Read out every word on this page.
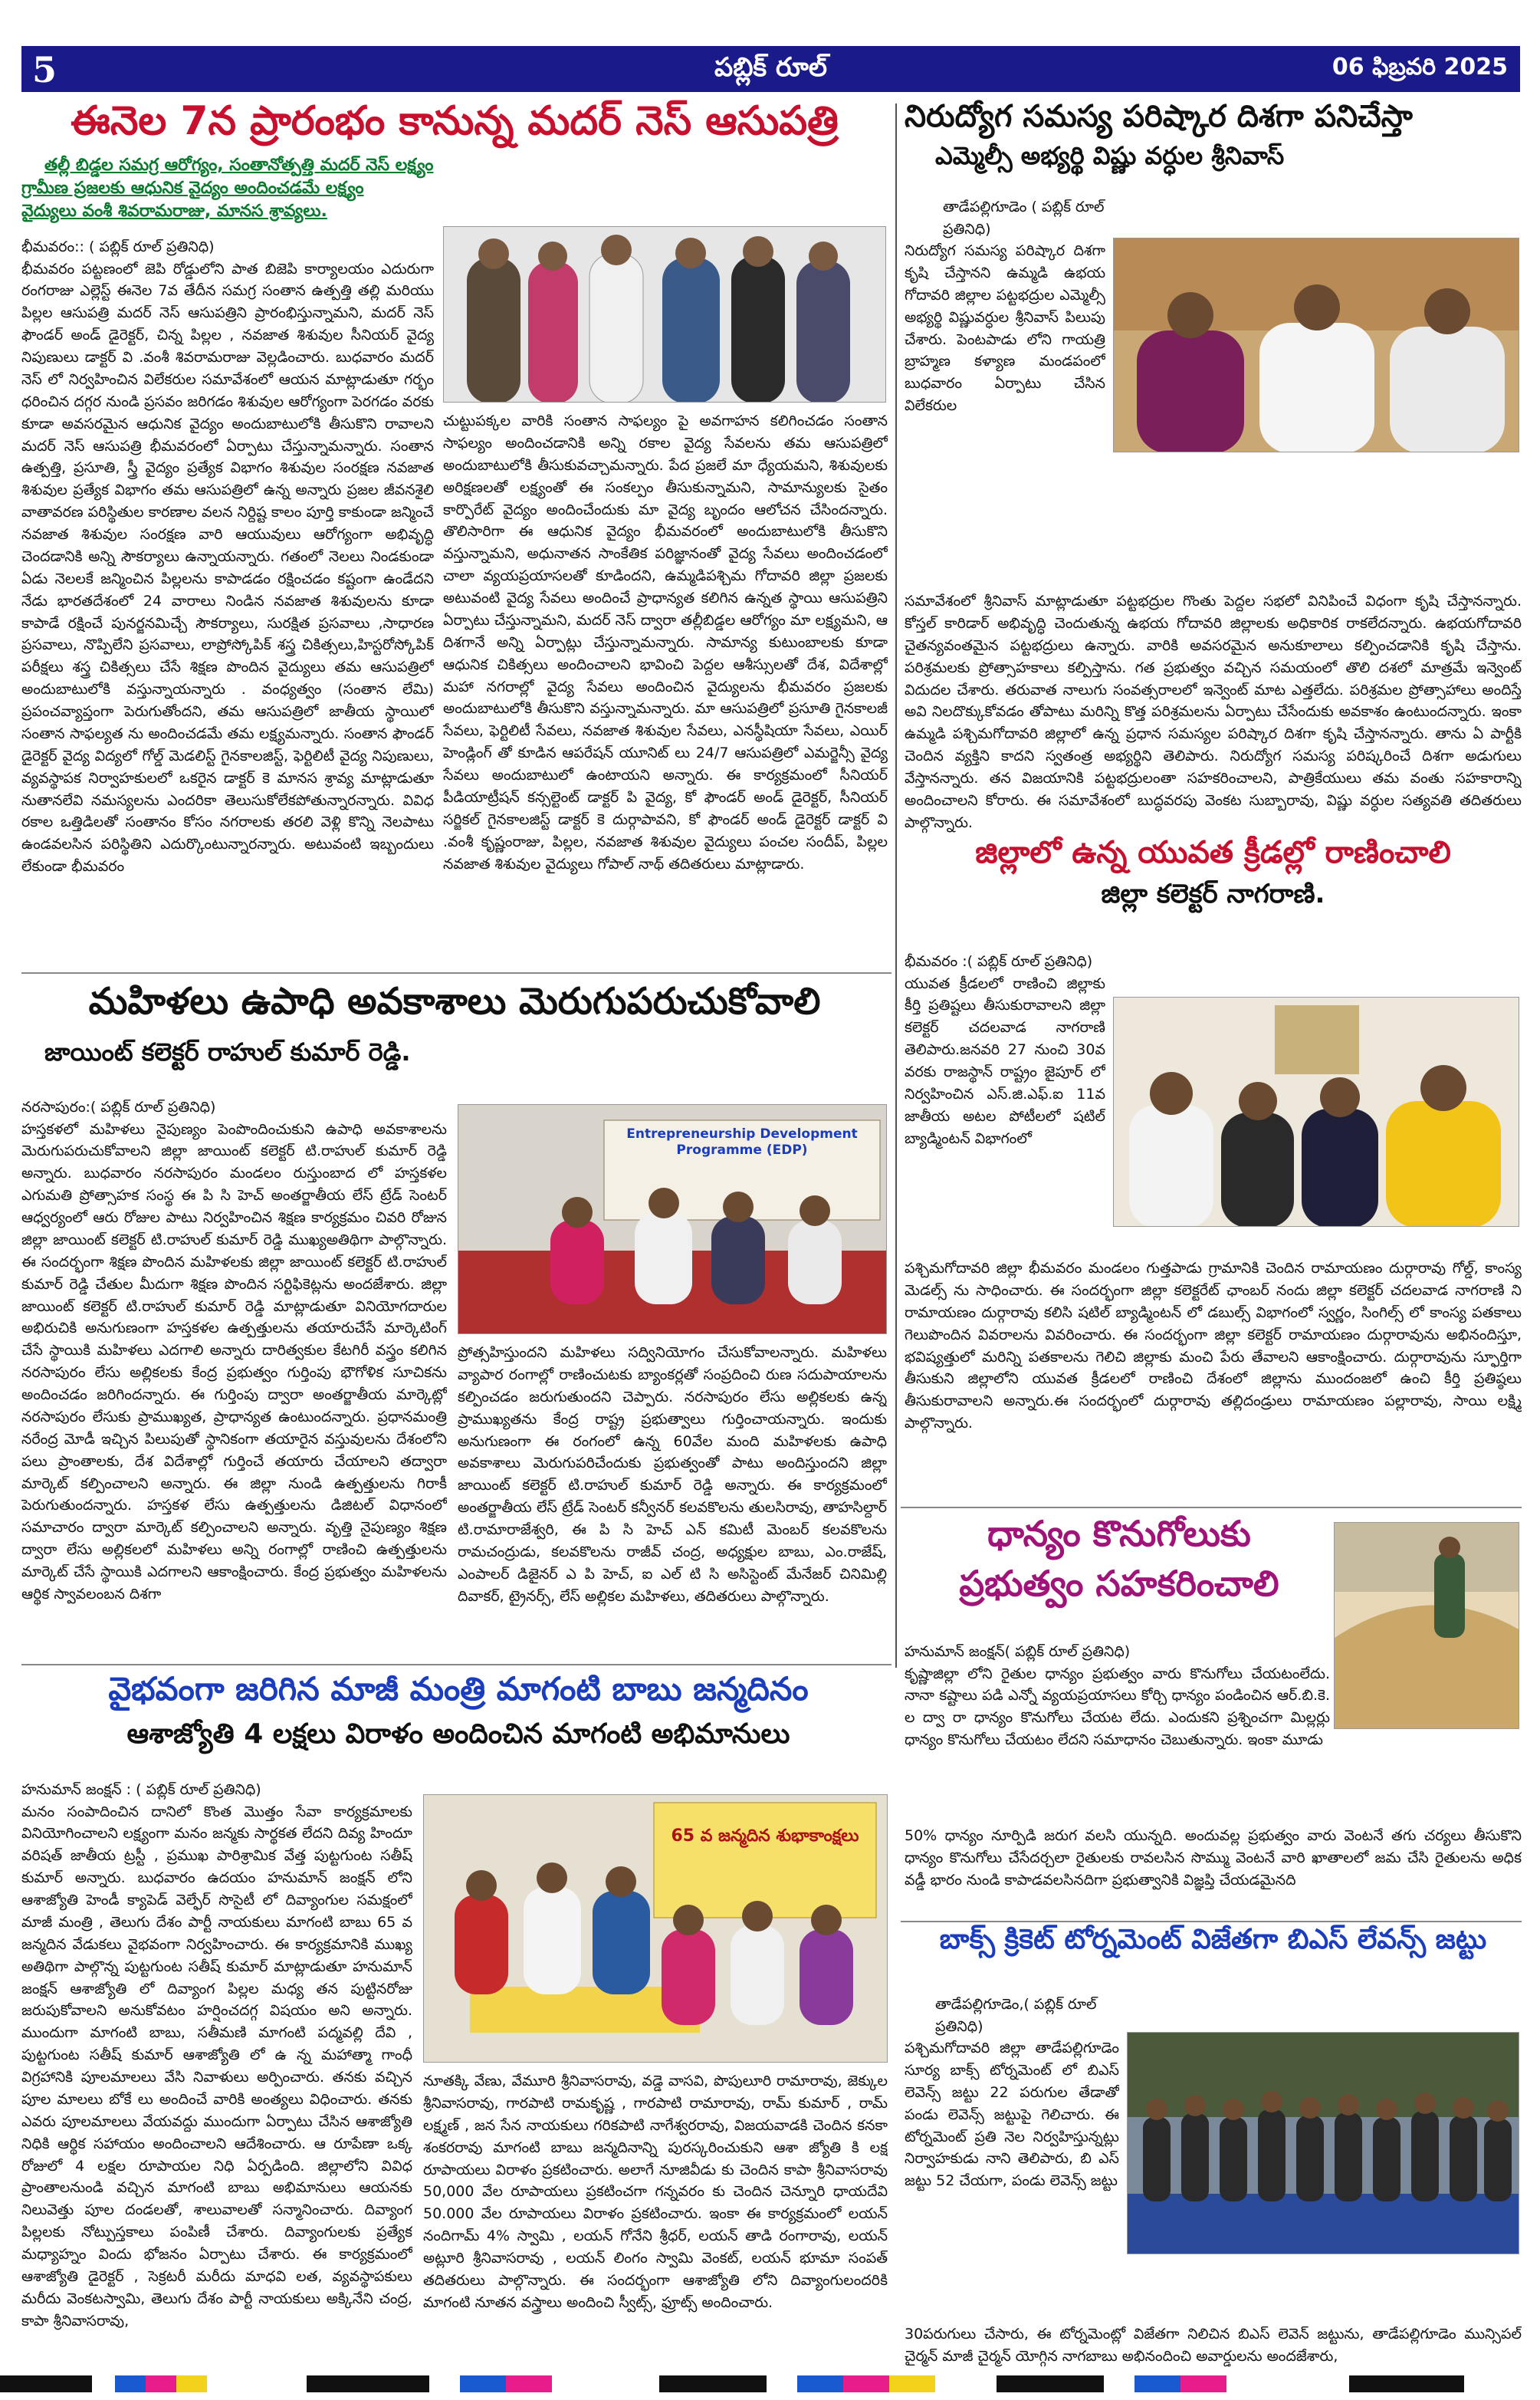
5	పబ్లిక్ రూల్	06 ఫిబ్రవరి 2025
ఈనెల 7న ప్రారంభం కానున్న మదర్ నెస్ ఆసుపత్రి
తల్లీ బిడ్డల సమగ్ర ఆరోగ్యం, సంతానోత్పత్తి మదర్ నెస్ లక్ష్యం
గ్రామీణ ప్రజలకు ఆధునిక వైద్యం అందించడమే లక్ష్యం
వైద్యులు వంశీ శివరామరాజు, మానస శ్రావ్యలు.
భీమవరం:: ( పబ్లిక్ రూల్ ప్రతినిధి)
భీమవరం పట్టణంలో జెపి రోడ్డులోని పాత బిజెపి కార్యాలయం ఎదురుగా రంగరాజు ఎల్లెస్ట్ ఈనెల 7వ తేదీన సమగ్ర సంతాన ఉత్పత్తి తల్లి మరియు పిల్లల ఆసుపత్రి మదర్ నెస్ ఆసుపత్రిని ప్రారంభిస్తున్నామని, మదర్ నెస్ ఫౌండర్ అండ్ డైరెక్టర్, చిన్న పిల్లల , నవజాత శిశువుల సీనియర్ వైద్య నిపుణులు డాక్టర్ వి .వంశీ శివరామరాజు వెల్లడించారు. బుధవారం మదర్ నెస్ లో నిర్వహించిన విలేకరుల సమావేశంలో ఆయన మాట్లాడుతూ గర్భం ధరించిన దగ్గర నుండి ప్రసవం జరిగడం శిశువుల ఆరోగ్యంగా పెరగడం వరకు కూడా అవసరమైన ఆధునిక వైద్యం అందుబాటులోకి తీసుకొని రావాలని మదర్ నెస్ ఆసుపత్రి భీమవరంలో ఏర్పాటు చేస్తున్నామన్నారు. సంతాన ఉత్పత్తి, ప్రసూతి, స్త్రీ వైద్యం ప్రత్యేక విభాగం శిశువుల సంరక్షణ నవజాత శిశువుల ప్రత్యేక విభాగం తమ ఆసుపత్రిలో ఉన్న అన్నారు ప్రజల జీవనశైలి వాతావరణ పరిస్థితుల కారణాల వలన నిర్దిష్ట కాలం పూర్తి కాకుండా జన్మించే నవజాత శిశువుల సంరక్షణ వారి ఆయువులు ఆరోగ్యంగా అభివృద్ధి చెందడానికి అన్ని సౌకర్యాలు ఉన్నాయన్నారు. గతంలో నెలలు నిండకుండా ఏడు నెలలకే జన్మించిన పిల్లలను కాపాడడం రక్షించడం కష్టంగా ఉండేదని నేడు భారతదేశంలో 24 వారాలు నిండిన నవజాత శిశువులను కూడా కాపాడే రక్షించే పునర్జనమిచ్చే సౌకర్యాలు, సురక్షిత ప్రసవాలు ,సాధారణ ప్రసవాలు, నొప్పిలేని ప్రసవాలు, లాప్రోస్కోపిక్ శస్త్ర చికిత్సలు,హిస్టరోస్కోపిక్ పరీక్షలు శస్త్ర చికిత్సలు చేసే శిక్షణ పొందిన వైద్యులు తమ ఆసుపత్రిలో అందుబాటులోకి వస్తున్నాయన్నారు . వంధ్యత్వం (సంతాన లేమి) ప్రపంచవ్యాప్తంగా పెరుగుతోందని, తమ ఆసుపత్రిలో జాతీయ స్థాయిలో సంతాన సాఫల్యత ను అందించడమే తమ లక్ష్యమన్నారు. సంతాన ఫౌండర్ డైరెక్టర్ వైద్య విద్యలో గోల్డ్ మెడలిస్ట్ గైనకాలజిస్ట్, ఫెర్టిలిటీ వైద్య నిపుణులు, వ్యవస్థాపక నిర్వాహకులలో ఒకరైన డాక్టర్ కె మానస శ్రావ్య మాట్లాడుతూ నుతానలేవి నమస్యలను ఎందరికా తెలుసుకోలేకపోతున్నారన్నారు. వివిధ రకాల ఒత్తిడిలతో సంతానం కోసం నగరాలకు తరలి వెళ్లి కొన్ని నెలపాటు ఉండవలసిన పరిస్థితిని ఎదుర్కొంటున్నారన్నారు. అటువంటి ఇబ్బందులు లేకుండా భీమవరం
చుట్టుపక్కల వారికి సంతాన సాఫల్యం పై అవగాహన కలిగించడం సంతాన సాఫల్యం అందించడానికి అన్ని రకాల వైద్య సేవలను తమ ఆసుపత్రిలో అందుబాటులోకి తీసుకువచ్చామన్నారు. పేద ప్రజలే మా ధ్యేయమని, శిశువులకు అరిక్షణలతో లక్ష్యంతో ఈ సంకల్పం తీసుకున్నామని, సామాన్యులకు సైతం కార్పొరేట్ వైద్యం అందించేందుకు మా వైద్య బృందం ఆలోచన చేసిందన్నారు. తొలిసారిగా ఈ ఆధునిక వైద్యం భీమవరంలో అందుబాటులోకి తీసుకొని వస్తున్నామని, అధునాతన సాంకేతిక పరిజ్ఞానంతో వైద్య సేవలు అందించడంలో చాలా వ్యయప్రయాసలతో కూడిందని, ఉమ్మడిపశ్చిమ గోదావరి జిల్లా ప్రజలకు అటువంటి వైద్య సేవలు అందించే ప్రాధాన్యత కలిగిన ఉన్నత స్థాయి ఆసుపత్రిని ఏర్పాటు చేస్తున్నామని, మదర్ నెస్ ద్వారా తల్లీబిడ్డల ఆరోగ్యం మా లక్ష్యమని, ఆ దిశగానే అన్ని ఏర్పాట్లు చేస్తున్నామన్నారు. సామాన్య కుటుంబాలకు కూడా ఆధునిక చికిత్సలు అందించాలని భావించి పెద్దల ఆశీస్సులతో దేశ, విదేశాల్లో మహా నగరాల్లో వైద్య సేవలు అందించిన వైద్యులను భీమవరం ప్రజలకు అందుబాటులోకి తీసుకొని వస్తున్నామన్నారు. మా ఆసుపత్రిలో ప్రసూతి గైనకాలజీ సేవలు, ఫెర్టిలిటీ సేవలు, నవజాత శిశువుల సేవలు, ఎనస్థీషియా సేవలు, ఎయిర్ హెండ్లింగ్ తో కూడిన ఆపరేషన్ యూనిట్ లు 24/7 ఆసుపత్రిలో ఎమర్జెన్సీ వైద్య సేవలు అందుబాటులో ఉంటాయని అన్నారు. ఈ కార్యక్రమంలో సీనియర్ పీడియాట్రీషన్ కన్సల్టెంట్ డాక్టర్ పి వైద్య, కో ఫౌండర్ అండ్ డైరెక్టర్, సీనియర్ సర్జికల్ గైనకాలజిస్ట్ డాక్టర్ కె దుర్గాపావని, కో ఫౌండర్ అండ్ డైరెక్టర్ డాక్టర్ వి .వంశీ కృష్ణంరాజు, పిల్లల, నవజాత శిశువుల వైద్యులు పంచల సందీప్, పిల్లల నవజాత శిశువుల వైద్యులు గోపాల్ నాథ్ తదితరులు మాట్లాడారు.
నిరుద్యోగ సమస్య పరిష్కార దిశగా పనిచేస్తా
ఎమ్మెల్సీ అభ్యర్థి విష్ణు వర్ధుల శ్రీనివాస్
తాడేపల్లిగూడెం ( పబ్లిక్ రూల్ ప్రతినిధి)
నిరుద్యోగ సమస్య పరిష్కార దిశగా కృషి చేస్తానని ఉమ్మడి ఉభయ గోదావరి జిల్లాల పట్టభద్రుల ఎమ్మెల్సీ అభ్యర్థి విష్ణువర్ధుల శ్రీనివాస్ పిలుపు చేశారు. పెంటపాడు లోని గాయత్రి బ్రాహ్మణ కళ్యాణ మండపంలో బుధవారం ఏర్పాటు చేసిన విలేకరుల
సమావేశంలో శ్రీనివాస్ మాట్లాడుతూ పట్టభద్రుల గొంతు పెద్దల సభలో వినిపించే విధంగా కృషి చేస్తానన్నారు. కోస్తల్ కారిడార్ అభివృద్ధి చెందుతున్న ఉభయ గోదావరి జిల్లాలకు అధికారిక రాకలేదన్నారు. ఉభయగోదావరి చైతన్యవంతమైన పట్టభద్రులు ఉన్నారు. వారికి అవసరమైన అనుకూలాలు కల్పించడానికి కృషి చేస్తాను. పరిశ్రమలకు ప్రోత్సాహకాలు కల్పిస్తాను. గత ప్రభుత్వం వచ్చిన సమయంలో తొలి దశలో మాత్రమే ఇన్వెంట్ విదుదల చేశారు. తరువాత నాలుగు సంవత్సరాలలో ఇన్వెంట్ మాట ఎత్తలేదు. పరిశ్రమల ప్రోత్సాహాలు అందిస్తే అవి నిలదొక్కుకోవడం తోపాటు మరిన్ని కొత్త పరిశ్రమలను ఏర్పాటు చేసేందుకు అవకాశం ఉంటుందన్నారు. ఇంకా ఉమ్మడి పశ్చిమగోదావరి జిల్లాలో ఉన్న ప్రధాన సమస్యల పరిష్కార దిశగా కృషి చేస్తానన్నారు. తాను ఏ పార్టీకి చెందిన వ్యక్తిని కాదని స్వతంత్ర అభ్యర్థిని తెలిపారు. నిరుద్యోగ సమస్య పరిష్కరించే దిశగా అడుగులు వేస్తానన్నారు. తన విజయానికి పట్టభద్రులంతా సహకరించాలని, పాత్రికేయులు తమ వంతు సహకారాన్ని అందించాలని కోరారు. ఈ సమావేశంలో బుద్ధవరపు వెంకట సుబ్బారావు, విష్ణు వర్ధుల సత్యవతి తదితరులు పాల్గొన్నారు.
జిల్లాలో ఉన్న యువత క్రీడల్లో రాణించాలి
జిల్లా కలెక్టర్ నాగరాణి.
భీమవరం :( పబ్లిక్ రూల్ ప్రతినిధి)
యువత క్రీడలలో రాణించి జిల్లాకు కీర్తి ప్రతిష్టలు తీసుకురావాలని జిల్లా కలెక్టర్ చదలవాడ నాగరాణి తెలిపారు.జనవరి 27 నుంచి 30వ వరకు రాజస్థాన్ రాష్ట్రం జైపూర్ లో నిర్వహించిన ఎస్.జి.ఎఫ్.ఐ 11వ జాతీయ అటల పోటీలలో షటిల్ బ్యాడ్మింటన్ విభాగంలో
పశ్చిమగోదావరి జిల్లా భీమవరం మండలం గుత్తపాడు గ్రామానికి చెందిన రామాయణం దుర్గారావు గోల్డ్, కాంస్య మెడల్స్ ను సాధించారు. ఈ సందర్భంగా జిల్లా కలెక్టరేట్ ఛాంబర్ నందు జిల్లా కలెక్టర్ చదలవాడ నాగరాణి ని రామాయణం దుర్గారావు కలిసి షటిల్ బ్యాడ్మింటన్ లో డబుల్స్ విభాగంలో స్వర్ణం, సింగిల్స్ లో కాంస్య పతకాలు గెలుపొందిన వివరాలను వివరించారు. ఈ సందర్భంగా జిల్లా కలెక్టర్ రామాయణం దుర్గారావును అభినందిస్తూ, భవిష్యత్తులో మరిన్ని పతకాలను గెలిచి జిల్లాకు మంచి పేరు తేవాలని ఆకాంక్షించారు. దుర్గారావును స్ఫూర్తిగా తీసుకుని జిల్లాలోని యువత క్రీడలలో రాణించి దేశంలో జిల్లాను ముందంజలో ఉంచి కీర్తి ప్రతిష్ఠలు తీసుకురావాలని అన్నారు.ఈ సందర్భంలో దుర్గారావు తల్లిదండ్రులు రామాయణం పల్లారావు, సాయి లక్ష్మి పాల్గొన్నారు.
మహిళలు ఉపాధి అవకాశాలు మెరుగుపరుచుకోవాలి
జాయింట్ కలెక్టర్ రాహుల్ కుమార్ రెడ్డి.
నరసాపురం:( పబ్లిక్ రూల్ ప్రతినిధి)
హస్తకళలో మహిళలు నైపుణ్యం పెంపొందించుకుని ఉపాధి అవకాశాలను మెరుగుపరుచుకోవాలని జిల్లా జాయింట్ కలెక్టర్ టి.రాహుల్ కుమార్ రెడ్డి అన్నారు. బుధవారం నరసాపురం మండలం రుస్తుంబాద లో హస్తకళల ఎగుమతి ప్రోత్సాహక సంస్థ ఈ పి సి హెచ్ అంతర్జాతీయ లేస్ ట్రేడ్ సెంటర్ ఆధ్వర్యంలో ఆరు రోజుల పాటు నిర్వహించిన శిక్షణ కార్యక్రమం చివరి రోజున జిల్లా జాయింట్ కలెక్టర్ టి.రాహుల్ కుమార్ రెడ్డి ముఖ్యఅతిథిగా పాల్గొన్నారు. ఈ సందర్భంగా శిక్షణ పొందిన మహిళలకు జిల్లా జాయింట్ కలెక్టర్ టి.రాహుల్ కుమార్ రెడ్డి చేతుల మీదుగా శిక్షణ పొందిన సర్టిఫికెట్లను అందజేశారు. జిల్లా జాయింట్ కలెక్టర్ టి.రాహుల్ కుమార్ రెడ్డి మాట్లాడుతూ వినియోగదారుల అభిరుచికి అనుగుణంగా హస్తకళల ఉత్పత్తులను తయారుచేసే మార్కెటింగ్ చేసే స్థాయికి మహిళలు ఎదగాలి అన్నారు దారిత్వకుల కేటగిరీ వస్త్రం కలిగిన నరసాపురం లేసు అల్లికలకు కేంద్ర ప్రభుత్వం గుర్తింపు భౌగోళిక సూచికను అందించడం జరిగిందన్నారు. ఈ గుర్తింపు ద్వారా అంతర్జాతీయ మార్కెట్లో నరసాపురం లేసుకు ప్రాముఖ్యత, ప్రాధాన్యత ఉంటుందన్నారు. ప్రధానమంత్రి నరేంద్ర మోడీ ఇచ్చిన పిలుపుతో స్థానికంగా తయారైన వస్తువులను దేశంలోని పలు ప్రాంతాలకు, దేశ విదేశాల్లో గుర్తించే తయారు చేయాలని తద్వారా మార్కెట్ కల్పించాలని అన్నారు. ఈ జిల్లా నుండి ఉత్పత్తులను గిరాకీ పెరుగుతుందన్నారు. హస్తకళ లేసు ఉత్పత్తులను డిజిటల్ విధానంలో సమాచారం ద్వారా మార్కెట్ కల్పించాలని అన్నారు. వృత్తి నైపుణ్యం శిక్షణ ద్వారా లేసు అల్లికలలో మహిళలు అన్ని రంగాల్లో రాణించి ఉత్పత్తులను మార్కెట్ చేసే స్థాయికి ఎదగాలని ఆకాంక్షించారు. కేంద్ర ప్రభుత్వం మహిళలను ఆర్థిక స్వావలంబన దిశగా
Entrepreneurship Development Programme (EDP)
ప్రోత్సహిస్తుందని మహిళలు సద్వినియోగం చేసుకోవాలన్నారు. మహిళలు వ్యాపార రంగాల్లో రాణించుటకు బ్యాంకర్లతో సంప్రదించి రుణ సదుపాయాలను కల్పించడం జరుగుతుందని చెప్పారు. నరసాపురం లేసు అల్లికలకు ఉన్న ప్రాముఖ్యతను కేంద్ర రాష్ట్ర ప్రభుత్వాలు గుర్తించాయన్నారు. ఇందుకు అనుగుణంగా ఈ రంగంలో ఉన్న 60వేల మంది మహిళలకు ఉపాధి అవకాశాలు మెరుగుపరిచేందుకు ప్రభుత్వంతో పాటు అందిస్తుందని జిల్లా జాయింట్ కలెక్టర్ టి.రాహుల్ కుమార్ రెడ్డి అన్నారు. ఈ కార్యక్రమంలో అంతర్జాతీయ లేస్ ట్రేడ్ సెంటర్ కన్వీనర్ కలవకొలను తులసిరావు, తాహసిల్దార్ టి.రామారాజేశ్వరి, ఈ పి సి హెచ్ ఎన్ కమిటీ మెంబర్ కలవకొలను రామచంద్రుడు, కలవకొలను రాజీవ్ చంద్ర, అధ్యక్షుల బాబు, ఎం.రాజేష్, ఎంపాలర్ డిజైనర్ ఎ పి హెచ్, ఐ ఎల్ టి సి అసిస్టెంట్ మేనేజర్ చినిమిల్లి దివాకర్, ట్రైనర్స్, లేస్ అల్లికల మహిళలు, తదితరులు పాల్గొన్నారు.
ధాన్యం కొనుగోలుకు
ప్రభుత్వం సహకరించాలి
హనుమాన్ జంక్షన్( పబ్లిక్ రూల్ ప్రతినిధి)
కృష్ణాజిల్లా లోని రైతుల ధాన్యం ప్రభుత్వం వారు కొనుగోలు చేయటంలేదు. నానా కష్టాలు పడి ఎన్నో వ్యయప్రయాసలు కోర్చి ధాన్యం పండించిన ఆర్.బి.కె. ల ద్వా రా ధాన్యం కొనుగోలు చేయట లేదు. ఎందుకని ప్రశ్నించగా మిల్లర్లు ధాన్యం కొనుగోలు చేయటం లేదని సమాధానం చెబుతున్నారు. ఇంకా మూడు
50% ధాన్యం నూర్పిడి జరుగ వలసి యున్నది. అందువల్ల ప్రభుత్వం వారు వెంటనే తగు చర్యలు తీసుకొని ధాన్యం కొనుగోలు చేసేదర్చలా రైతులకు రావలసిన సొమ్ము వెంటనే వారి ఖాతాలలో జమ చేసి రైతులను అధిక వడ్డీ భారం నుండి కాపాడవలసినదిగా ప్రభుత్వానికి విజ్ఞప్తి చేయడమైనది
వైభవంగా జరిగిన మాజీ మంత్రి మాగంటి బాబు జన్మదినం
ఆశాజ్యోతి 4 లక్షలు విరాళం అందించిన మాగంటి అభిమానులు
హనుమాన్ జంక్షన్ : ( పబ్లిక్ రూల్ ప్రతినిధి)
మనం సంపాదించిన దానిలో కొంత మొత్తం సేవా కార్యక్రమాలకు వినియోగించాలని లక్ష్యంగా మనం జన్మకు సార్థకత లేదని దివ్య హిందూ వరిషత్ జాతీయ ట్రస్టీ , ప్రముఖ పారిశ్రామిక వేత్త పుట్టగుంట సతీష్ కుమార్ అన్నారు. బుధవారం ఉదయం హనుమాన్ జంక్షన్ లోని ఆశాజ్యోతి హెండీ క్యాపెడ్ వెల్ఫేర్ సొసైటీ లో దివ్యాంగుల సమక్షంలో మాజీ మంత్రి , తెలుగు దేశం పార్టీ నాయకులు మాగంటి బాబు 65 వ జన్మదిన వేడుకలు వైభవంగా నిర్వహించారు. ఈ కార్యక్రమానికి ముఖ్య అతిథిగా పాల్గొన్న పుట్టగుంట సతీష్ కుమార్ మాట్లాడుతూ హనుమాన్ జంక్షన్ ఆశాజ్యోతి లో దివ్యాంగ పిల్లల మధ్య తన పుట్టినరోజు జరుపుకోవాలని అనుకోవటం హర్షించదగ్గ విషయం అని అన్నారు. ముందుగా మాగంటి బాబు, సతీమణి మాగంటి పద్మవల్లి దేవి , పుట్టగుంట సతీష్ కుమార్ ఆశాజ్యోతి లో ఉ న్న మహాత్మా గాంధీ విగ్రహానికి పూలమాలలు వేసి నివాళులు అర్పించారు. తనకు వచ్చిన పూల మాలలు బోకే లు అందించే వారికి అంత్యలు విధించారు. తనకు ఎవరు పూలమాలలు వేయవద్దు ముందుగా ఏర్పాటు చేసిన ఆశాజ్యోతి నిధికి ఆర్థిక సహాయం అందించాలని ఆదేశించారు. ఆ రూపేణా ఒక్క రోజులో 4 లక్షల రూపాయల నిధి ఏర్పడింది. జిల్లాలోని వివిధ ప్రాంతాలనుండి వచ్చిన మాగంటి బాబు అభిమానులు ఆయనకు నిలువెత్తు పూల దండలతో, శాలువాలతో సన్మానించారు. దివ్యాంగ పిల్లలకు నోట్పుస్తకాలు పంపిణీ చేశారు. దివ్యాంగులకు ప్రత్యేక మధ్యాహ్నం విందు భోజనం ఏర్పాటు చేశారు. ఈ కార్యక్రమంలో ఆశాజ్యోతి డైరెక్టర్ , సెక్రటరీ మరీదు మాధవి లత, వ్యవస్థాపకులు మరీదు వెంకటస్వామి, తెలుగు దేశం పార్టీ నాయకులు అక్కినేని చంద్ర, కాపా శ్రీనివాసరావు,
65 వ జన్మదిన శుభాకాంక్షలు
నూతక్కి వేణు, వేమూరి శ్రీనివాసరావు, వడ్డె వాసవి, పొపులూరి రామారావు, జెక్కుల శ్రీనివాసరావు, గారపాటి రామకృష్ణ , గారపాటి రామారావు, రామ్ కుమార్ , రామ్ లక్ష్మణ్ , జన సేన నాయకులు గరికపాటి నాగేశ్వరరావు, విజయవాడకి చెందిన కనకా శంకరరావు మాగంటి బాబు జన్మదినాన్ని పురస్కరించుకుని ఆశా జ్యోతి కి లక్ష రూపాయలు విరాళం ప్రకటించారు. అలాగే నూజివీడు కు చెందిన కాపా శ్రీనివాసరావు 50,000 వేల రూపాయలు ప్రకటించగా గన్నవరం కు చెందిన చెన్నూరి ధాయదేవి 50.000 వేల రూపాయలు విరాళం ప్రకటించారు. ఇంకా ఈ కార్యక్రమంలో లయన్ నందిగామ్ 4% స్వామి , లయన్ గోనేని శ్రీధర్, లయన్ తాడి రంగారావు, లయన్ అట్లూరి శ్రీనివాసరావు , లయన్ లింగం స్వామి వెంకట్, లయన్ భూమా సంపత్ తదితరులు పాల్గొన్నారు. ఈ సందర్భంగా ఆశాజ్యోతి లోని దివ్యాంగులందరికి మాగంటి నూతన వస్త్రాలు అందించి స్వీట్స్, ఫ్రూట్స్ అందించారు.
బాక్స్ క్రికెట్ టోర్నమెంట్ విజేతగా బిఎస్ లేవన్స్ జట్టు
తాడేపల్లిగూడెం,( పబ్లిక్ రూల్ ప్రతినిధి)
పశ్చిమగోదావరి జిల్లా తాడేపల్లిగూడెం సూర్య బాక్స్ టోర్నమెంట్ లో బిఎస్ లెవెన్స్ జట్టు 22 పరుగుల తేడాతో పండు లెవెన్స్ జట్టుపై గెలిచారు. ఈ టోర్నమెంట్ ప్రతి నెల నిర్వహిస్తున్నట్లు నిర్వాహకుడు నాని తెలిపారు, బి ఎస్ జట్టు 52 చేయగా, పండు లెవెన్స్ జట్టు
30పరుగులు చేసారు, ఈ టోర్నమెంట్లో విజేతగా నిలిచిన బిఎస్ లెవెన్ జట్టును, తాడేపల్లిగూడెం మున్సిపల్ చైర్మన్ మాజీ చైర్మన్ యోగ్గిన నాగబాబు అభినందించి అవార్డులను అందజేశారు,
